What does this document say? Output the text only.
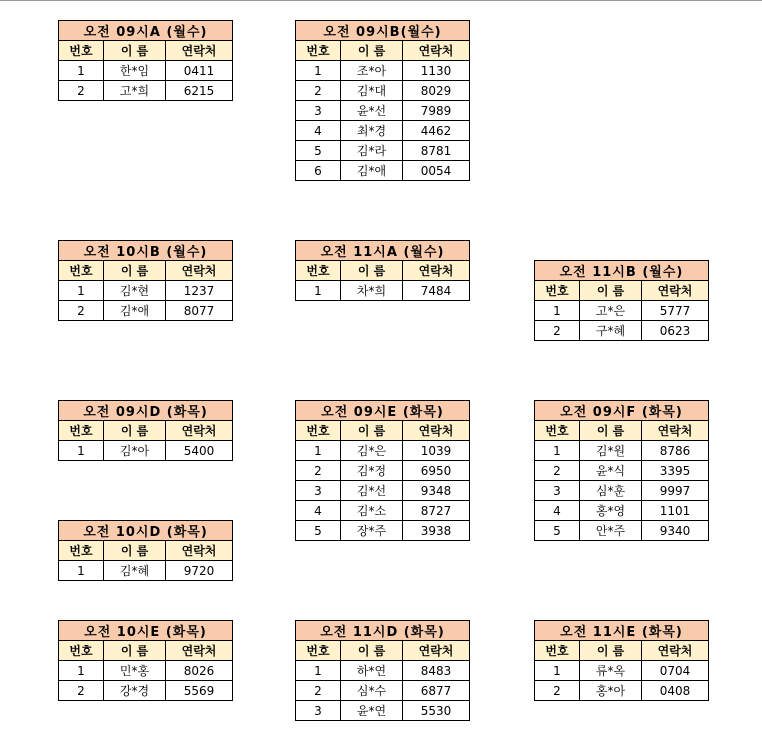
오전 09시A (월수)		
번호	이 름	연락처
1	한*임	0411
2	고*희	6215
오전 09시B(월수)		
번호	이 름	연락처
1	조*아	1130
2	김*대	8029
3	윤*선	7989
4	최*경	4462
5	김*라	8781
6	김*애	0054
오전 10시B (월수)		
번호	이 름	연락처
1	김*현	1237
2	김*애	8077
오전 11시A (월수)		
번호	이 름	연락처
1	차*희	7484
오전 11시B (월수)		
번호	이 름	연락처
1	고*은	5777
2	구*혜	0623
오전 09시D (화목)		
번호	이 름	연락처
1	김*아	5400
오전 09시E (화목)		
번호	이 름	연락처
1	김*은	1039
2	김*정	6950
3	김*선	9348
4	김*소	8727
5	장*주	3938
오전 09시F (화목)		
번호	이 름	연락처
1	김*원	8786
2	윤*식	3395
3	심*훈	9997
4	홍*영	1101
5	안*주	9340
오전 10시D (화목)		
번호	이 름	연락처
1	김*혜	9720
오전 10시E (화목)		
번호	이 름	연락처
1	민*홍	8026
2	강*경	5569
오전 11시D (화목)		
번호	이 름	연락처
1	하*연	8483
2	심*수	6877
3	윤*연	5530
오전 11시E (화목)		
번호	이 름	연락처
1	류*옥	0704
2	홍*아	0408
